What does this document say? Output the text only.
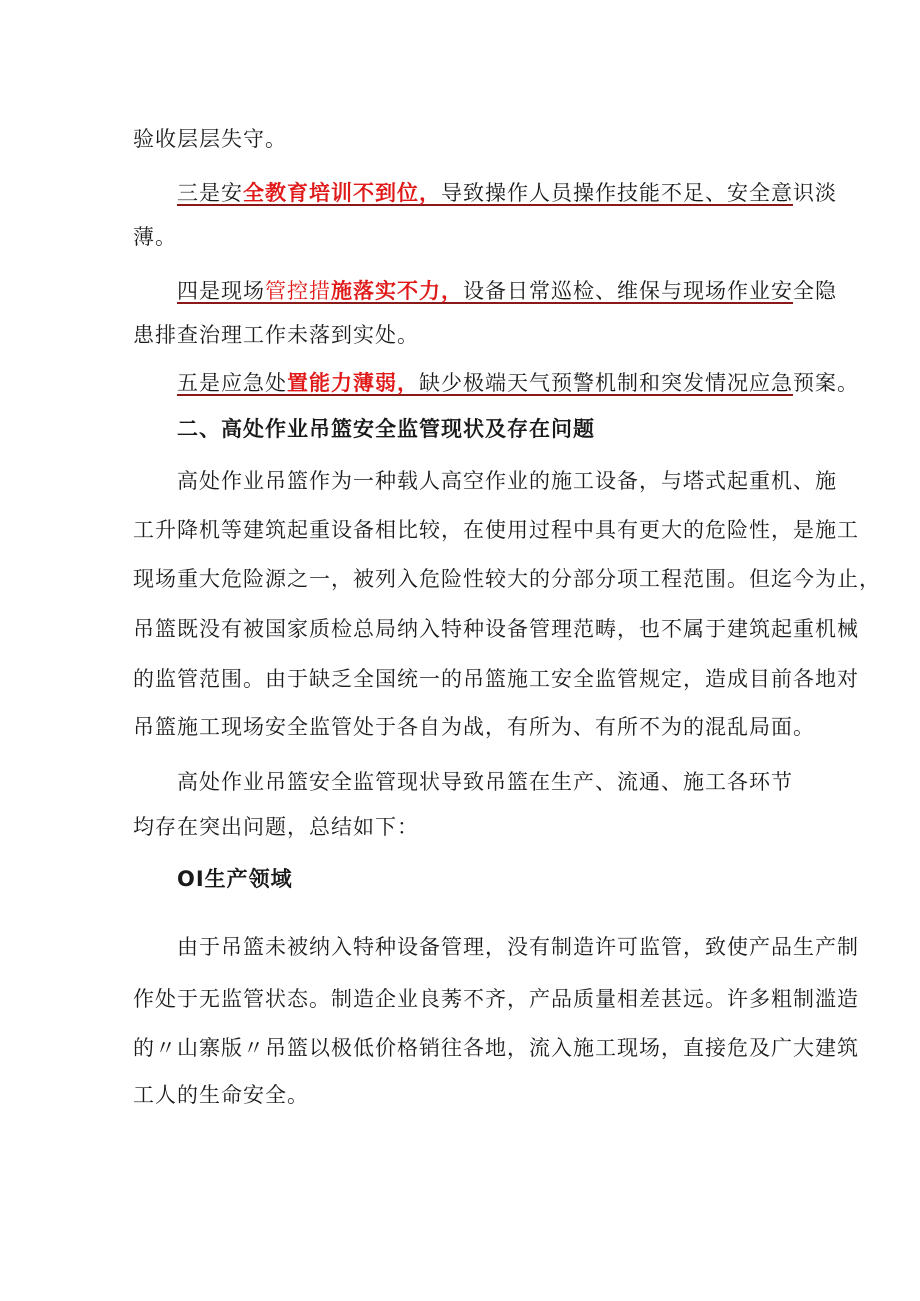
验收层层失守。
三是安全教育培训不到位，导致操作人员操作技能不足、安全意识淡
薄。
四是现场管控措施落实不力，设备日常巡检、维保与现场作业安全隐
患排查治理工作未落到实处。
五是应急处置能力薄弱，缺少极端天气预警机制和突发情况应急预案。
二、高处作业吊篮安全监管现状及存在问题
高处作业吊篮作为一种载人高空作业的施工设备，与塔式起重机、施
工升降机等建筑起重设备相比较，在使用过程中具有更大的危险性，是施工
现场重大危险源之一，被列入危险性较大的分部分项工程范围。但迄今为止，
吊篮既没有被国家质检总局纳入特种设备管理范畴，也不属于建筑起重机械
的监管范围。由于缺乏全国统一的吊篮施工安全监管规定，造成目前各地对
吊篮施工现场安全监管处于各自为战，有所为、有所不为的混乱局面。
高处作业吊篮安全监管现状导致吊篮在生产、流通、施工各环节
均存在突出问题，总结如下：
OI生产领域
由于吊篮未被纳入特种设备管理，没有制造许可监管，致使产品生产制
作处于无监管状态。制造企业良莠不齐，产品质量相差甚远。许多粗制滥造
的〃山寨版〃吊篮以极低价格销往各地，流入施工现场，直接危及广大建筑
工人的生命安全。
